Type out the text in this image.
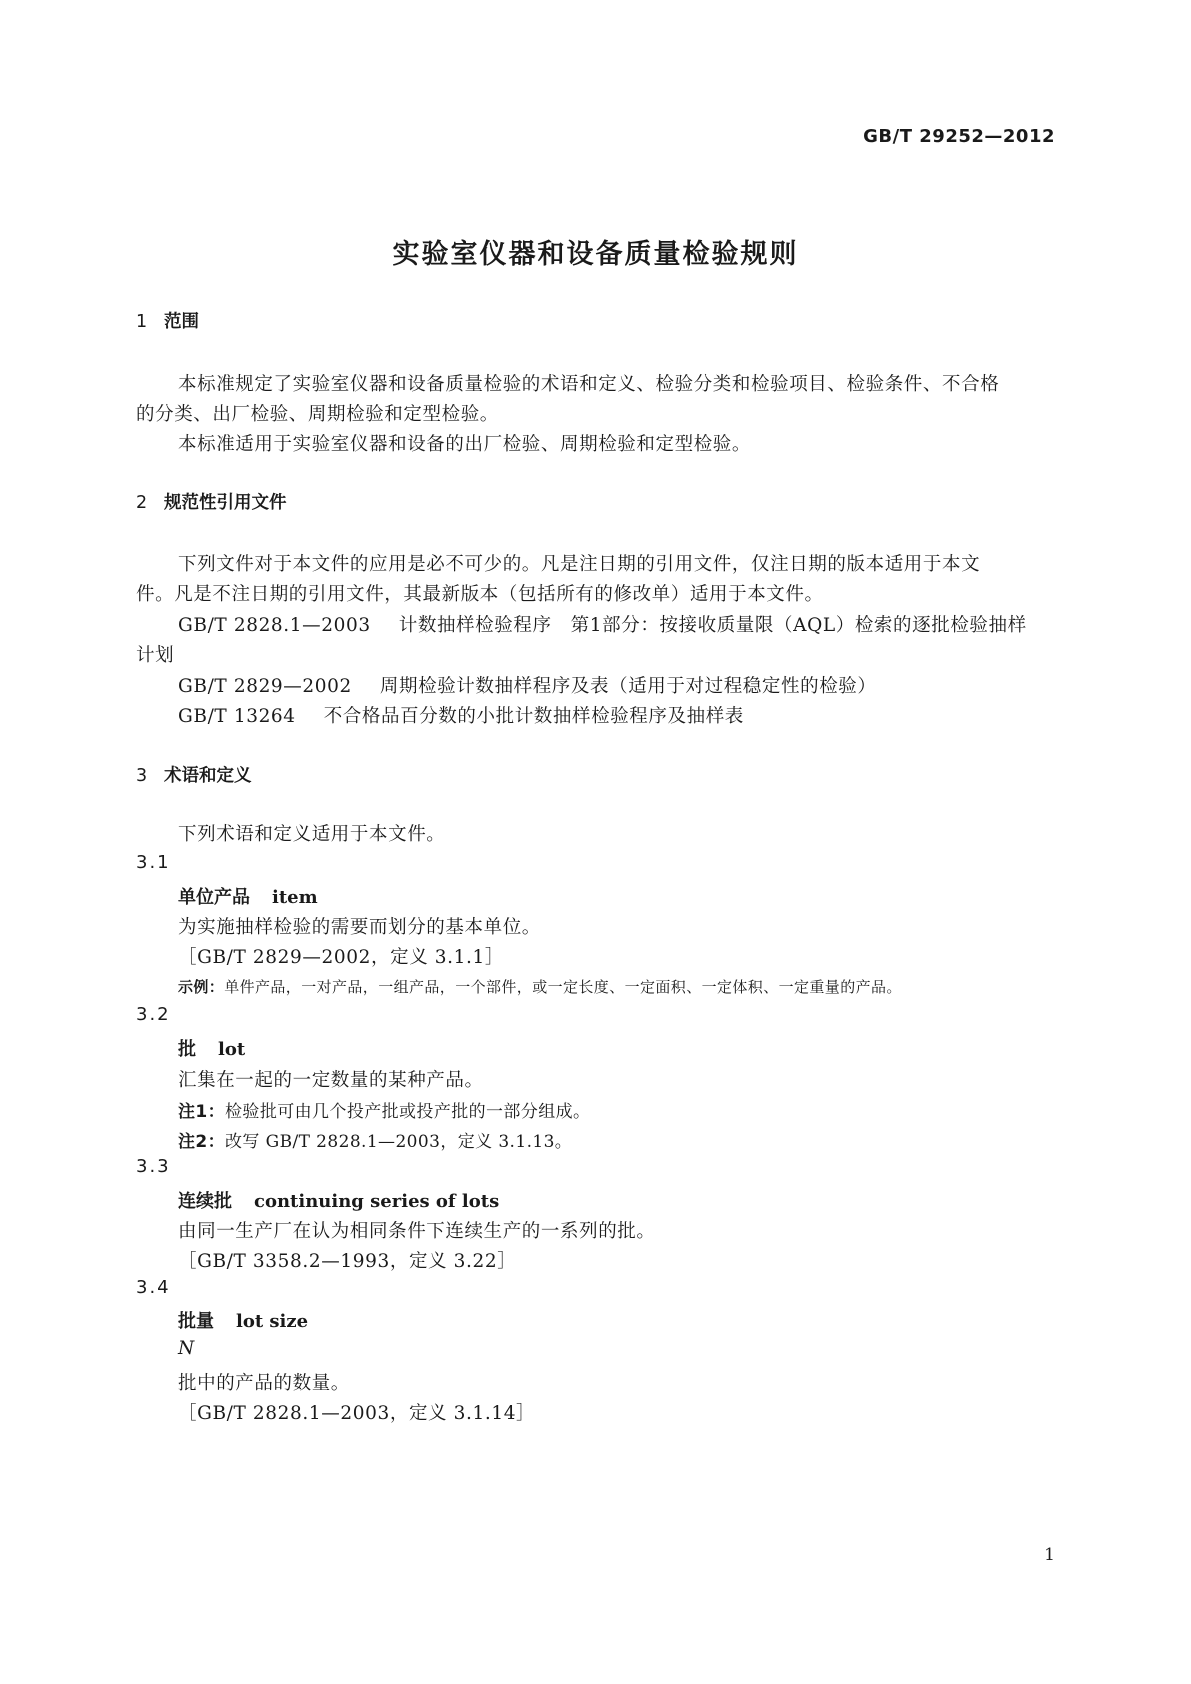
GB/T 29252—2012
实验室仪器和设备质量检验规则
1 范围
本标准规定了实验室仪器和设备质量检验的术语和定义、检验分类和检验项目、检验条件、不合格
的分类、出厂检验、周期检验和定型检验。
本标准适用于实验室仪器和设备的出厂检验、周期检验和定型检验。
2 规范性引用文件
下列文件对于本文件的应用是必不可少的。凡是注日期的引用文件，仅注日期的版本适用于本文
件。凡是不注日期的引用文件，其最新版本（包括所有的修改单）适用于本文件。
GB/T 2828.1—2003 计数抽样检验程序　第1部分：按接收质量限（AQL）检索的逐批检验抽样
计划
GB/T 2829—2002 周期检验计数抽样程序及表（适用于对过程稳定性的检验）
GB/T 13264 不合格品百分数的小批计数抽样检验程序及抽样表
3 术语和定义
下列术语和定义适用于本文件。
3.1
单位产品 item
为实施抽样检验的需要而划分的基本单位。
［GB/T 2829—2002，定义 3.1.1］
示例：单件产品，一对产品，一组产品，一个部件，或一定长度、一定面积、一定体积、一定重量的产品。
3.2
批 lot
汇集在一起的一定数量的某种产品。
注1：检验批可由几个投产批或投产批的一部分组成。
注2：改写 GB/T 2828.1—2003，定义 3.1.13。
3.3
连续批 continuing series of lots
由同一生产厂在认为相同条件下连续生产的一系列的批。
［GB/T 3358.2—1993，定义 3.22］
3.4
批量 lot size
N
批中的产品的数量。
［GB/T 2828.1—2003，定义 3.1.14］
1
